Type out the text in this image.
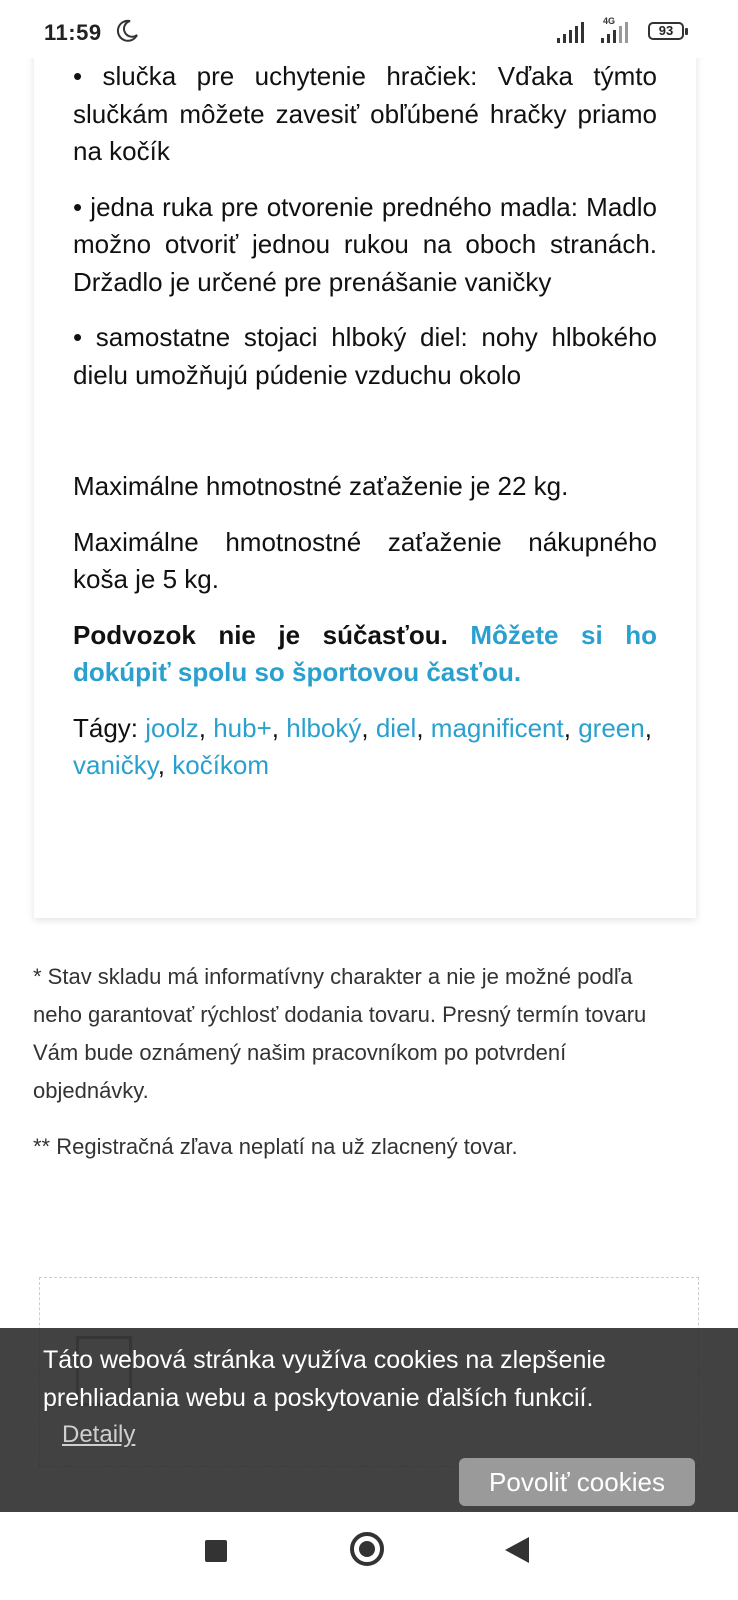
11:59	4G
93

• slučka pre uchytenie hračiek: Vďaka týmto slučkám môžete zavesiť obľúbené hračky priamo na kočík

• jedna ruka pre otvorenie predného madla: Madlo možno otvoriť jednou rukou na oboch stranách. Držadlo je určené pre prenášanie vaničky

• samostatne stojaci hlboký diel: nohy hlbokého dielu umožňujú púdenie vzduchu okolo

Maximálne hmotnostné zaťaženie je 22 kg.

Maximálne hmotnostné zaťaženie nákupného koša je 5 kg.

Podvozok nie je súčasťou. Môžete si ho dokúpiť spolu so športovou časťou.

Tágy: joolz, hub+, hlboký, diel, magnificent, green, vaničky, kočíkom

* Stav skladu má informatívny charakter a nie je možné podľa neho garantovať rýchlosť dodania tovaru. Presný termín tovaru Vám bude oznámený našim pracovníkom po potvrdení objednávky.

** Registračná zľava neplatí na už zlacnený tovar.

Táto webová stránka využíva cookies na zlepšenie prehliadania webu a poskytovanie ďalších funkcií.
Detaily
Povoliť cookies
